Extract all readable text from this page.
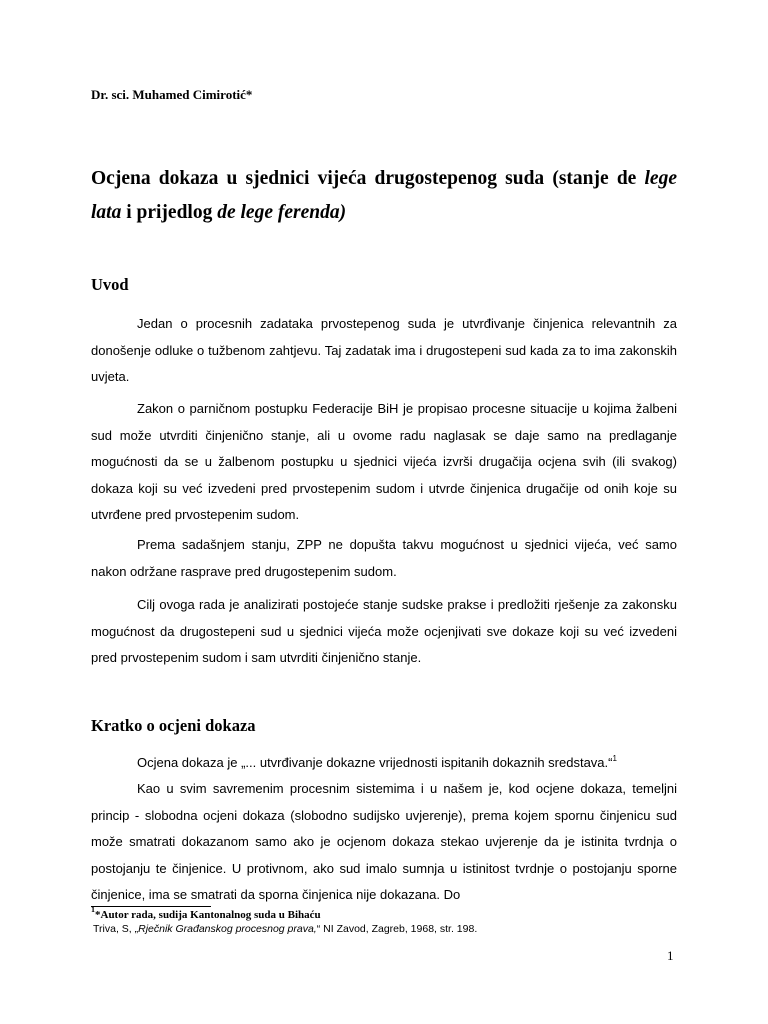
Dr. sci. Muhamed Cimirotić*
Ocjena dokaza u sjednici vijeća drugostepenog suda (stanje de lege lata i prijedlog de lege ferenda)
Uvod

Jedan o procesnih zadataka prvostepenog suda je utvrđivanje činjenica relevantnih za donošenje odluke o tužbenom zahtjevu. Taj zadatak ima i drugostepeni sud kada za to ima zakonskih uvjeta.

Zakon o parničnom postupku Federacije BiH je propisao procesne situacije u kojima žalbeni sud može utvrditi činjenično stanje, ali u ovome radu naglasak se daje samo na predlaganje mogućnosti da se u žalbenom postupku u sjednici vijeća izvrši drugačija ocjena svih (ili svakog) dokaza koji su već izvedeni pred prvostepenim sudom i utvrde činjenica drugačije od onih koje su utvrđene pred prvostepenim sudom.

Prema sadašnjem stanju, ZPP ne dopušta takvu mogućnost u sjednici vijeća, već samo nakon održane rasprave pred drugostepenim sudom.

Cilj ovoga rada je analizirati postojeće stanje sudske prakse i predložiti rješenje za zakonsku mogućnost da drugostepeni sud u sjednici vijeća može ocjenjivati sve dokaze koji su već izvedeni pred prvostepenim sudom i sam utvrditi činjenično stanje.

Kratko o ocjeni dokaza

Ocjena dokaza je „... utvrđivanje dokazne vrijednosti ispitanih dokaznih sredstava.“$^1$

Kao u svim savremenim procesnim sistemima i u našem je, kod ocjene dokaza, temeljni princip - slobodna ocjeni dokaza (slobodno sudijsko uvjerenje), prema kojem spornu činjenicu sud može smatrati dokazanom samo ako je ocjenom dokaza stekao uvjerenje da je istinita tvrdnja o postojanju te činjenice. U protivnom, ako sud imalo sumnja u istinitost tvrdnje o postojanju sporne činjenice, ima se smatrati da sporna činjenica nije dokazana. Do

$^1$*Autor rada, sudija Kantonalnog suda u Bihaću
Triva, S, „Rječnik Građanskog procesnog prava,“ NI Zavod, Zagreb, 1968, str. 198.
1
